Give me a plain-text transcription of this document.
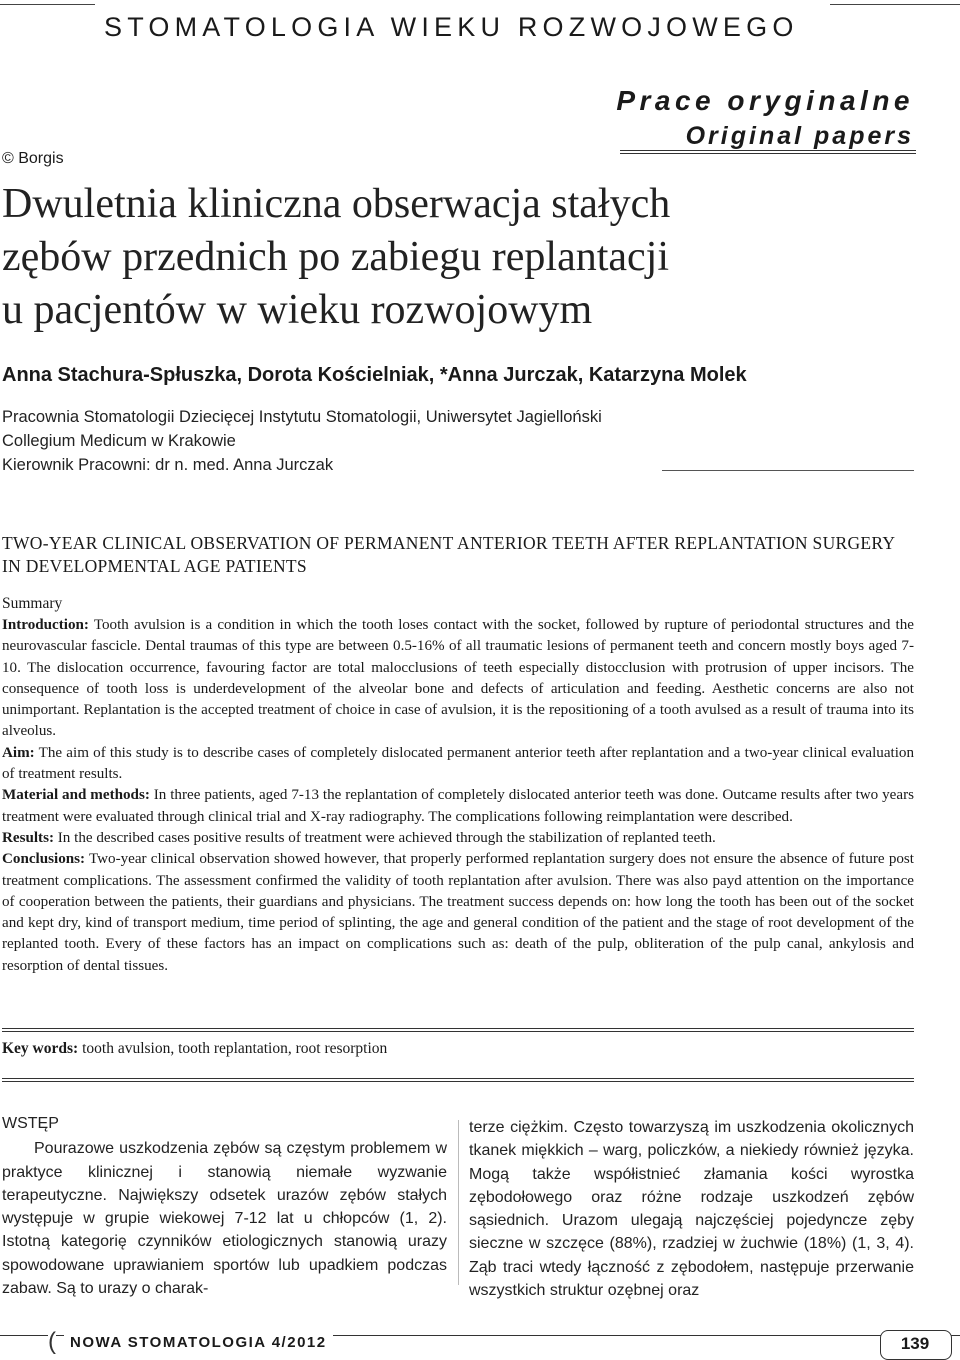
STOMATOLOGIA WIEKU ROZWOJOWEGO
Prace oryginalne
Original papers
© Borgis
Dwuletnia kliniczna obserwacja stałych
zębów przednich po zabiegu replantacji
u pacjentów w wieku rozwojowym
Anna Stachura-Spłuszka, Dorota Kościelniak, *Anna Jurczak, Katarzyna Molek
Pracownia Stomatologii Dziecięcej Instytutu Stomatologii, Uniwersytet Jagielloński
Collegium Medicum w Krakowie
Kierownik Pracowni: dr n. med. Anna Jurczak
TWO-YEAR CLINICAL OBSERVATION OF PERMANENT ANTERIOR TEETH AFTER REPLANTATION SURGERY IN DEVELOPMENTAL AGE PATIENTS
Summary

Introduction: Tooth avulsion is a condition in which the tooth loses contact with the socket, followed by rupture of periodontal structures and the neurovascular fascicle. Dental traumas of this type are between 0.5-16% of all traumatic lesions of permanent teeth and concern mostly boys aged 7-10. The dislocation occurrence, favouring factor are total malocclusions of teeth especially distocclusion with protrusion of upper incisors. The consequence of tooth loss is underdevelopment of the alveolar bone and defects of articulation and feeding. Aesthetic concerns are also not unimportant. Replantation is the accepted treatment of choice in case of avulsion, it is the repositioning of a tooth avulsed as a result of trauma into its alveolus.

Aim: The aim of this study is to describe cases of completely dislocated permanent anterior teeth after replantation and a two-year clinical evaluation of treatment results.

Material and methods: In three patients, aged 7-13 the replantation of completely dislocated anterior teeth was done. Outcame results after two years treatment were evaluated through clinical trial and X-ray radiography. The complications following reimplantation were described.

Results: In the described cases positive results of treatment were achieved through the stabilization of replanted teeth.

Conclusions: Two-year clinical observation showed however, that properly performed replantation surgery does not ensure the absence of future post treatment complications. The assessment confirmed the validity of tooth replantation after avulsion. There was also payd attention on the importance of cooperation between the patients, their guardians and physicians. The treatment success depends on: how long the tooth has been out of the socket and kept dry, kind of transport medium, time period of splinting, the age and general condition of the patient and the stage of root development of the replanted tooth. Every of these factors has an impact on complications such as: death of the pulp, obliteration of the pulp canal, ankylosis and resorption of dental tissues.

Key words: tooth avulsion, tooth replantation, root resorption
WSTĘP

Pourazowe uszkodzenia zębów są częstym problemem w praktyce klinicznej i stanowią niemałe wyzwanie terapeutyczne. Największy odsetek urazów zębów stałych występuje w grupie wiekowej 7-12 lat u chłopców (1, 2). Istotną kategorię czynników etiologicznych stanowią urazy spowodowane uprawianiem sportów lub upadkiem podczas zabaw. Są to urazy o charak-

terze ciężkim. Często towarzyszą im uszkodzenia okolicznych tkanek miękkich – warg, policzków, a niekiedy również języka. Mogą także współistnieć złamania kości wyrostka zębodołowego oraz różne rodzaje uszkodzeń zębów sąsiednich. Urazom ulegają najczęściej pojedyncze zęby sieczne w szczęce (88%), rzadziej w żuchwie (18%) (1, 3, 4). Ząb traci wtedy łączność z zębodołem, następuje przerwanie wszystkich struktur ozębnej oraz

( NOWA STOMATOLOGIA 4/2012	139
